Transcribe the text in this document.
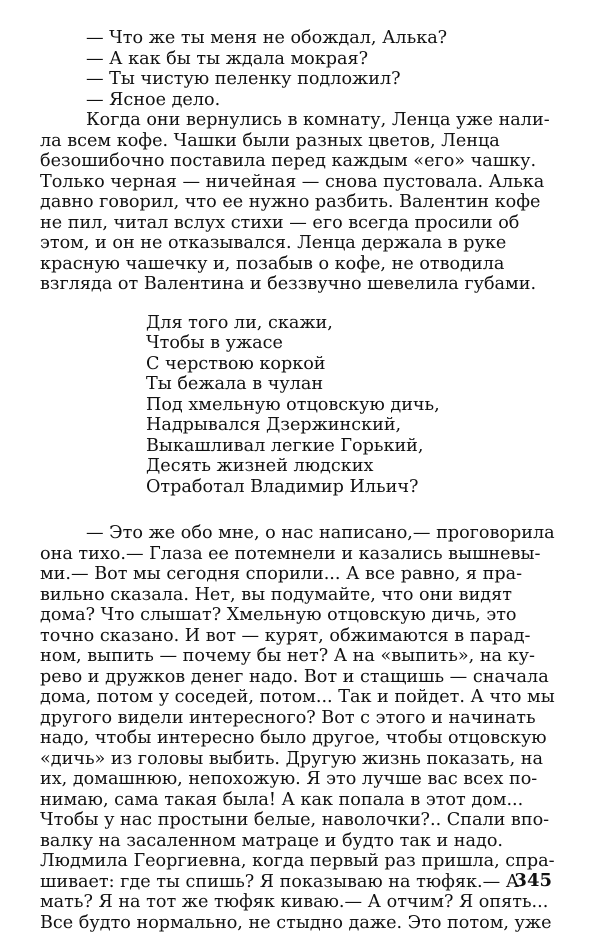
— Что же ты меня не обождал, Алька?
— А как бы ты ждала мокрая?
— Ты чистую пеленку подложил?
— Ясное дело.
Когда они вернулись в комнату, Ленца уже нали-
ла всем кофе. Чашки были разных цветов, Ленца
безошибочно поставила перед каждым «его» чашку.
Только черная — ничейная — снова пустовала. Алька
давно говорил, что ее нужно разбить. Валентин кофе
не пил, читал вслух стихи — его всегда просили об
этом, и он не отказывался. Ленца держала в руке
красную чашечку и, позабыв о кофе, не отводила
взгляда от Валентина и беззвучно шевелила губами.
Для того ли, скажи,
Чтобы в ужасе
С черствою коркой
Ты бежала в чулан
Под хмельную отцовскую дичь,
Надрывался Дзержинский,
Выкашливал легкие Горький,
Десять жизней людских
Отработал Владимир Ильич?
— Это же обо мне, о нас написано,— проговорила
она тихо.— Глаза ее потемнели и казались вышневы-
ми.— Вот мы сегодня спорили... А все равно, я пра-
вильно сказала. Нет, вы подумайте, что они видят
дома? Что слышат? Хмельную отцовскую дичь, это
точно сказано. И вот — курят, обжимаются в парад-
ном, выпить — почему бы нет? А на «выпить», на ку-
рево и дружков денег надо. Вот и стащишь — сначала
дома, потом у соседей, потом... Так и пойдет. А что мы
другого видели интересного? Вот с этого и начинать
надо, чтобы интересно было другое, чтобы отцовскую
«дичь» из головы выбить. Другую жизнь показать, на
их, домашнюю, непохожую. Я это лучше вас всех по-
нимаю, сама такая была! А как попала в этот дом...
Чтобы у нас простыни белые, наволочки?.. Спали впо-
валку на засаленном матраце и будто так и надо.
Людмила Георгиевна, когда первый раз пришла, спра-
шивает: где ты спишь? Я показываю на тюфяк.— А
мать? Я на тот же тюфяк киваю.— А отчим? Я опять...
Все будто нормально, не стыдно даже. Это потом, уже
345
